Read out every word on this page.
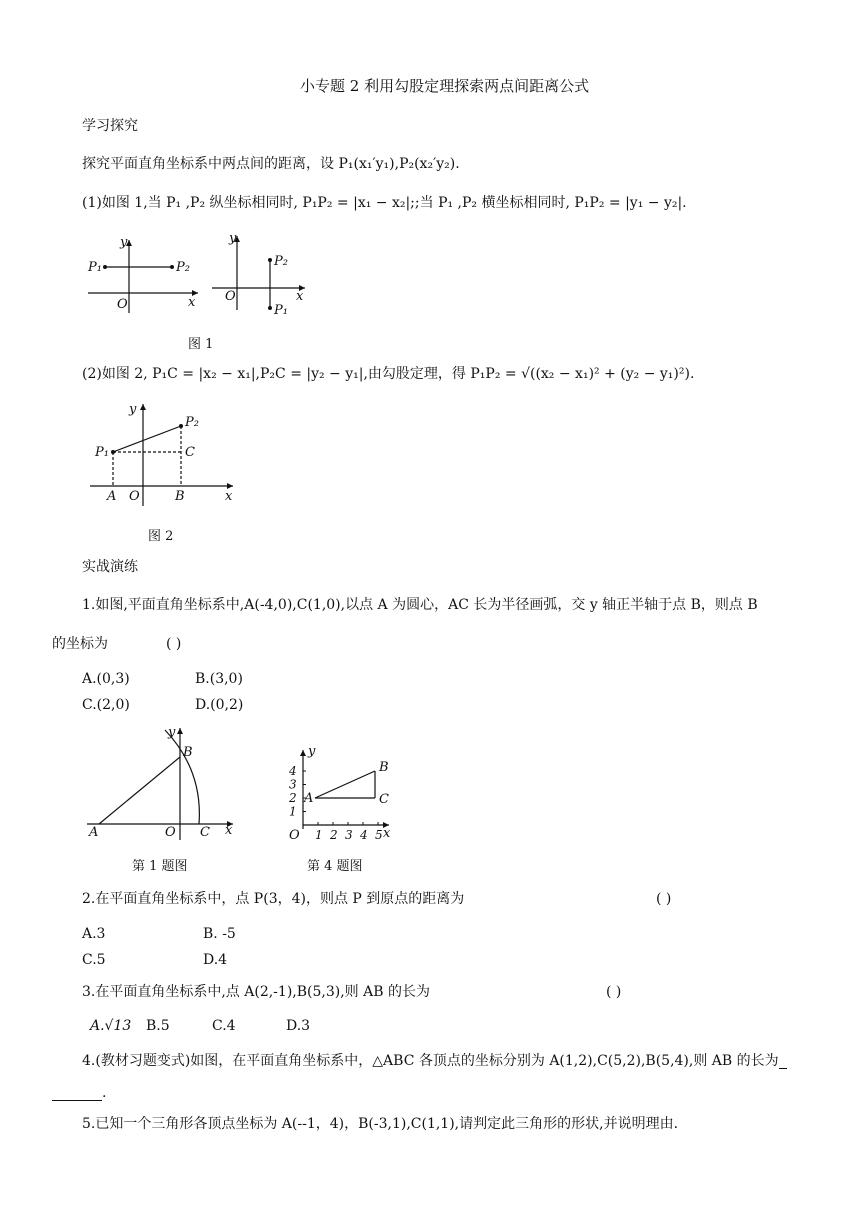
小专题 2 利用勾股定理探索两点间距离公式
学习探究
探究平面直角坐标系中两点间的距离，设 P₁(x₁′y₁),P₂(x₂′y₂).
(1)如图 1,当 P₁ ,P₂ 纵坐标相同时, P₁P₂ = |x₁ − x₂|;;当 P₁ ,P₂ 横坐标相同时, P₁P₂ = |y₁ − y₂|.
y
P₁	P₂
O	x
y
P₂
O	x
P₁
图 1
(2)如图 2, P₁C = |x₂ − x₁|,P₂C = |y₂ − y₁|,由勾股定理，得 P₁P₂ = √((x₂ − x₁)² + (y₂ − y₁)²).
y
P₂
P₁	C
A O	B	x
图 2
实战演练
1.如图,平面直角坐标系中,A(-4,0),C(1,0),以点 A 为圆心，AC 长为半径画弧，交 y 轴正半轴于点 B，则点 B
的坐标为	( )
A.(0,3)	B.(3,0)
C.(2,0)	D.(0,2)
y
B
A	O C x
第 1 题图
1 2 3 4 5
1
2
3
4
y
B
A	C
O	x
第 4 题图
2.在平面直角坐标系中，点 P(3，4)，则点 P 到原点的距离为	( )
A.3	B. -5
C.5	D.4
3.在平面直角坐标系中,点 A(2,-1),B(5,3),则 AB 的长为	( )
A.√13 B.5	C.4	D.3
4.(教材习题变式)如图，在平面直角坐标系中，△ABC 各顶点的坐标分别为 A(1,2),C(5,2),B(5,4),则 AB 的长为
.
5.已知一个三角形各顶点坐标为 A(--1，4)，B(-3,1),C(1,1),请判定此三角形的形状,并说明理由.
